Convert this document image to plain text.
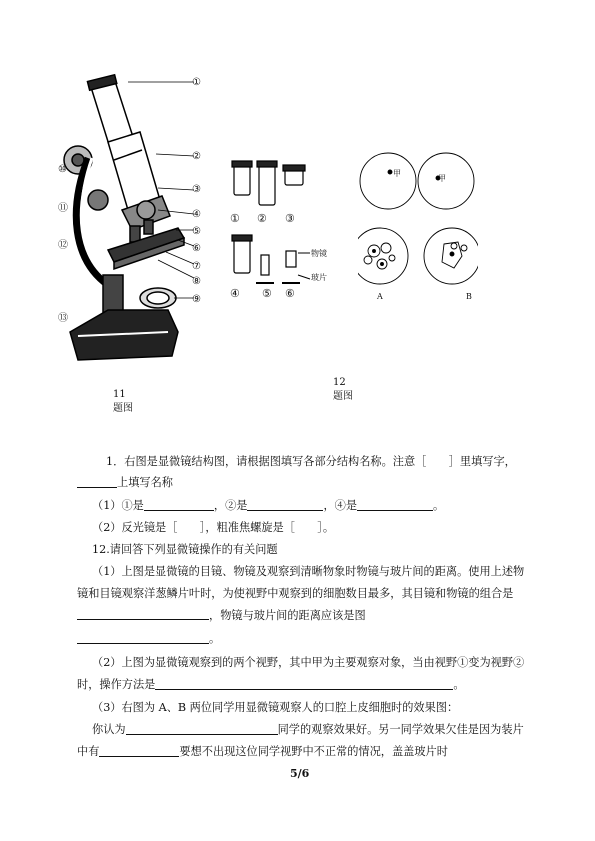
①
②
③
④
⑤
⑥
⑦
⑧
⑨
⑩
⑪
⑫
⑬
11 题图
① ② ③
④ ⑤ ⑥
物镜
玻片
甲
甲
A	B
12 题图
1．右图是显微镜结构图，请根据图填写各部分结构名称。注意［　　］里填写字，
上填写名称
（1）①是	，②是	，④是	。
（2）反光镜是［　　］，粗准焦螺旋是［　　］。
12.请回答下列显微镜操作的有关问题
（1）上图是显微镜的目镜、物镜及观察到清晰物象时物镜与玻片间的距离。使用上述物
镜和目镜观察洋葱鳞片叶时，为使视野中观察到的细胞数目最多，其目镜和物镜的组合是
，物镜与玻片间的距离应该是图
。
（2）上图为显微镜观察到的两个视野，其中甲为主要观察对象，当由视野①变为视野②
时，操作方法是	。
（3）右图为 A、B 两位同学用显微镜观察人的口腔上皮细胞时的效果图：
你认为	同学的观察效果好。另一同学效果欠佳是因为装片
中有	要想不出现这位同学视野中不正常的情况，盖盖玻片时
5/6
